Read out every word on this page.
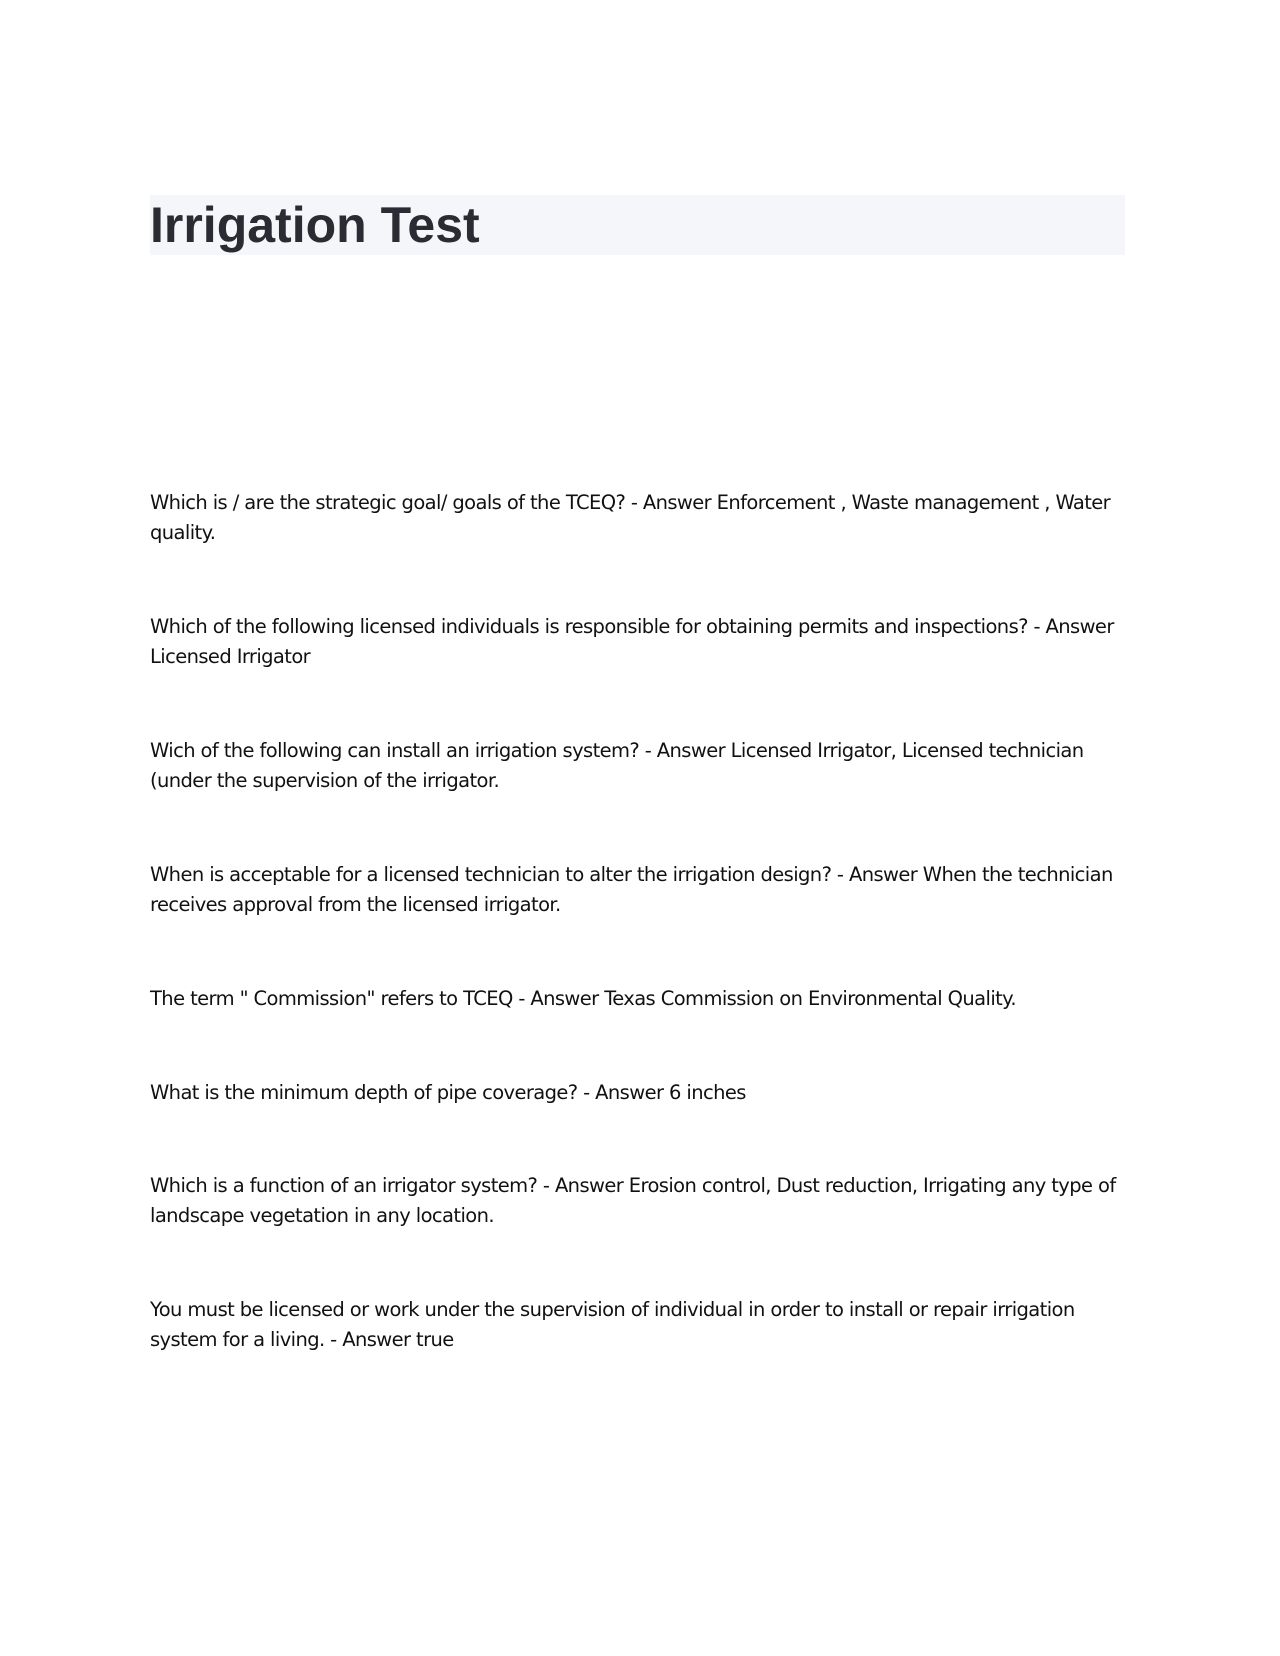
Irrigation Test
Which is / are the strategic goal/ goals of the TCEQ? - Answer Enforcement , Waste management , Water quality.
Which of the following licensed individuals is responsible for obtaining permits and inspections? - Answer Licensed Irrigator
Wich of the following can install an irrigation system? - Answer Licensed Irrigator, Licensed technician (under the supervision of the irrigator.
When is acceptable for a licensed technician to alter the irrigation design? - Answer When the technician receives approval from the licensed irrigator.
The term " Commission" refers to TCEQ - Answer Texas Commission on Environmental Quality.
What is the minimum depth of pipe coverage? - Answer 6 inches
Which is a function of an irrigator system? - Answer Erosion control, Dust reduction, Irrigating any type of landscape vegetation in any location.
You must be licensed or work under the supervision of individual in order to install or repair irrigation system for a living. - Answer true
